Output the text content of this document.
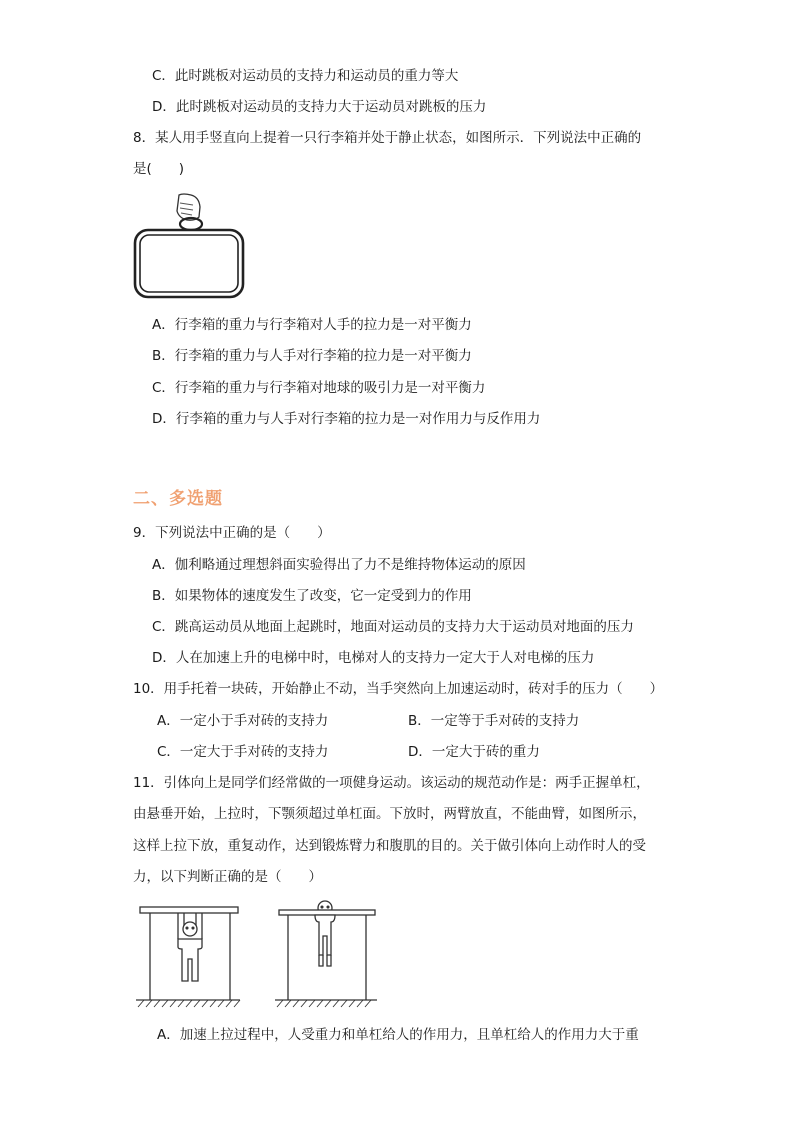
C．此时跳板对运动员的支持力和运动员的重力等大
D．此时跳板对运动员的支持力大于运动员对跳板的压力
8．某人用手竖直向上提着一只行李箱并处于静止状态，如图所示．下列说法中正确的
是(　　)
A．行李箱的重力与行李箱对人手的拉力是一对平衡力
B．行李箱的重力与人手对行李箱的拉力是一对平衡力
C．行李箱的重力与行李箱对地球的吸引力是一对平衡力
D．行李箱的重力与人手对行李箱的拉力是一对作用力与反作用力
二、多选题
9．下列说法中正确的是（　　）
A．伽利略通过理想斜面实验得出了力不是维持物体运动的原因
B．如果物体的速度发生了改变，它一定受到力的作用
C．跳高运动员从地面上起跳时，地面对运动员的支持力大于运动员对地面的压力
D．人在加速上升的电梯中时，电梯对人的支持力一定大于人对电梯的压力
10．用手托着一块砖，开始静止不动，当手突然向上加速运动时，砖对手的压力（　　）
A．一定小于手对砖的支持力	B．一定等于手对砖的支持力
C．一定大于手对砖的支持力	D．一定大于砖的重力
11．引体向上是同学们经常做的一项健身运动。该运动的规范动作是：两手正握单杠，
由悬垂开始，上拉时，下颚须超过单杠面。下放时，两臂放直，不能曲臂，如图所示，
这样上拉下放，重复动作，达到锻炼臂力和腹肌的目的。关于做引体向上动作时人的受
力，以下判断正确的是（　　）
A．加速上拉过程中，人受重力和单杠给人的作用力，且单杠给人的作用力大于重
